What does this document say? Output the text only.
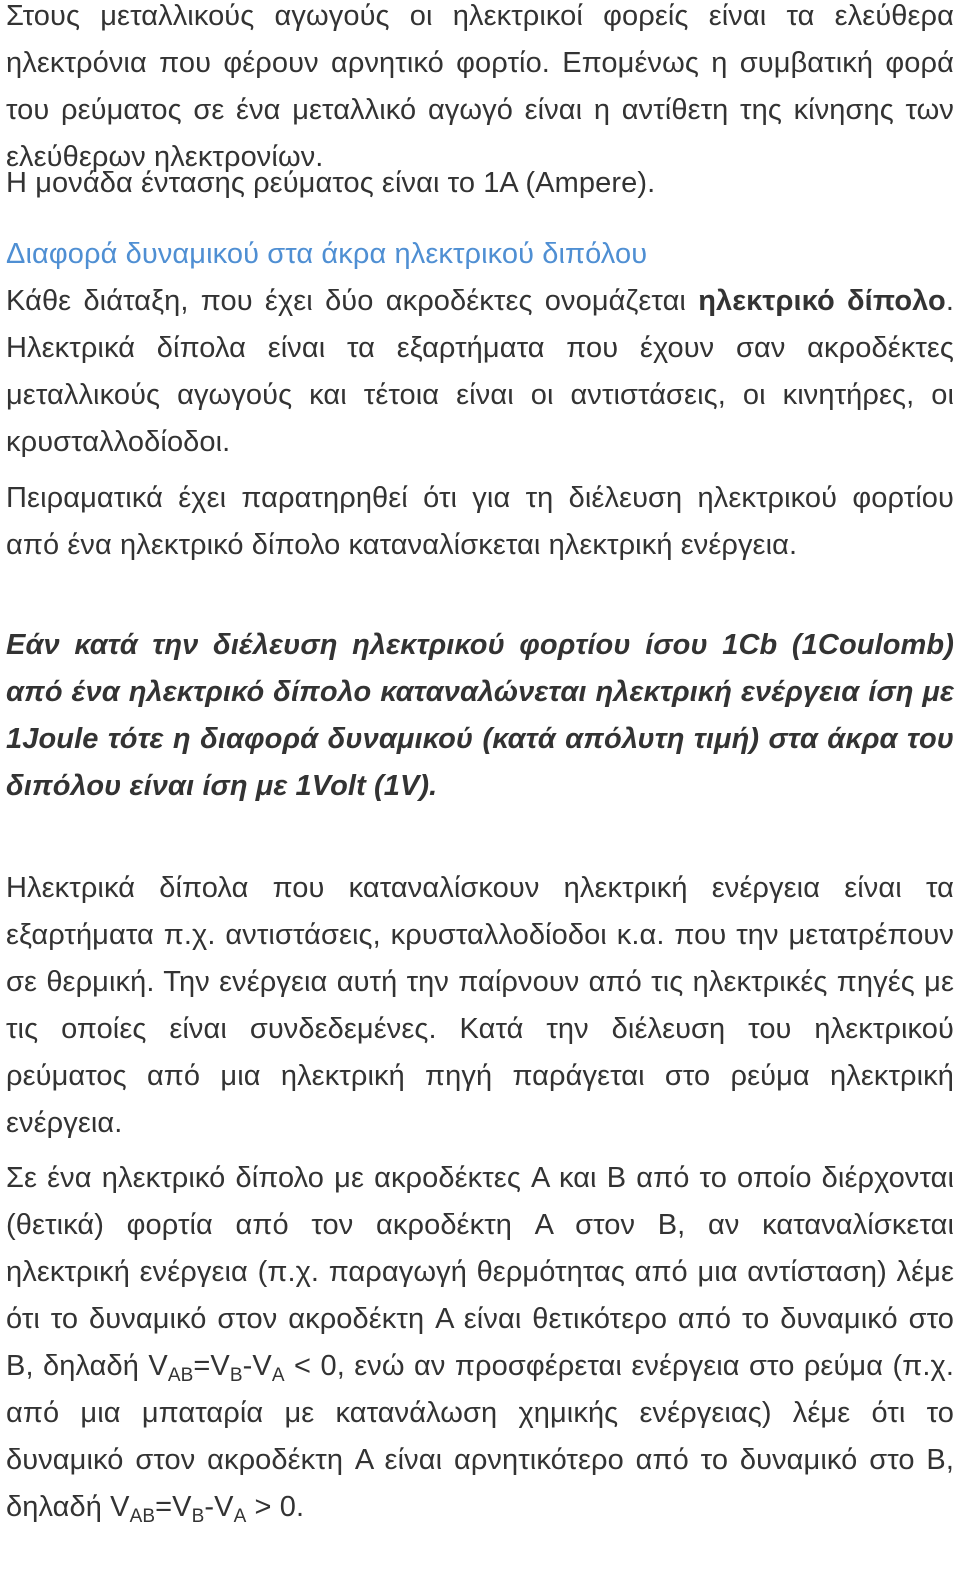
Στους μεταλλικούς αγωγούς οι ηλεκτρικοί φορείς είναι τα ελεύθερα ηλεκτρόνια που φέρουν αρνητικό φορτίο. Επομένως η συμβατική φορά του ρεύματος σε ένα μεταλλικό αγωγό είναι η αντίθετη της κίνησης των ελεύθερων ηλεκτρονίων.

Η μονάδα έντασης ρεύματος είναι το 1A (Ampere).

Διαφορά δυναμικού στα άκρα ηλεκτρικού διπόλου

Κάθε διάταξη, που έχει δύο ακροδέκτες ονομάζεται ηλεκτρικό δίπολο. Ηλεκτρικά δίπολα είναι τα εξαρτήματα που έχουν σαν ακροδέκτες μεταλλικούς αγωγούς και τέτοια είναι οι αντιστάσεις, οι κινητήρες, οι κρυσταλλοδίοδοι.

Πειραματικά έχει παρατηρηθεί ότι για τη διέλευση ηλεκτρικού φορτίου από ένα ηλεκτρικό δίπολο καταναλίσκεται ηλεκτρική ενέργεια.

Εάν κατά την διέλευση ηλεκτρικού φορτίου ίσου 1Cb (1Coulomb) από ένα ηλεκτρικό δίπολο καταναλώνεται ηλεκτρική ενέργεια ίση με 1Joule τότε η διαφορά δυναμικού (κατά απόλυτη τιμή) στα άκρα του διπόλου είναι ίση με 1Volt (1V).

Ηλεκτρικά δίπολα που καταναλίσκουν ηλεκτρική ενέργεια είναι τα εξαρτήματα π.χ. αντιστάσεις, κρυσταλλοδίοδοι κ.α. που την μετατρέπουν σε θερμική. Την ενέργεια αυτή την παίρνουν από τις ηλεκτρικές πηγές με τις οποίες είναι συνδεδεμένες. Κατά την διέλευση του ηλεκτρικού ρεύματος από μια ηλεκτρική πηγή παράγεται στο ρεύμα ηλεκτρική ενέργεια.

Σε ένα ηλεκτρικό δίπολο με ακροδέκτες A και B από το οποίο διέρχονται (θετικά) φορτία από τον ακροδέκτη A στον B, αν καταναλίσκεται ηλεκτρική ενέργεια (π.χ. παραγωγή θερμότητας από μια αντίσταση) λέμε ότι το δυναμικό στον ακροδέκτη A είναι θετικότερο από το δυναμικό στο B, δηλαδή $V_{AB}=V_B-V_A < 0$, ενώ αν προσφέρεται ενέργεια στο ρεύμα (π.χ. από μια μπαταρία με κατανάλωση χημικής ενέργειας) λέμε ότι το δυναμικό στον ακροδέκτη A είναι αρνητικότερο από το δυναμικό στο B, δηλαδή $V_{AB}=V_B-V_A > 0$.
